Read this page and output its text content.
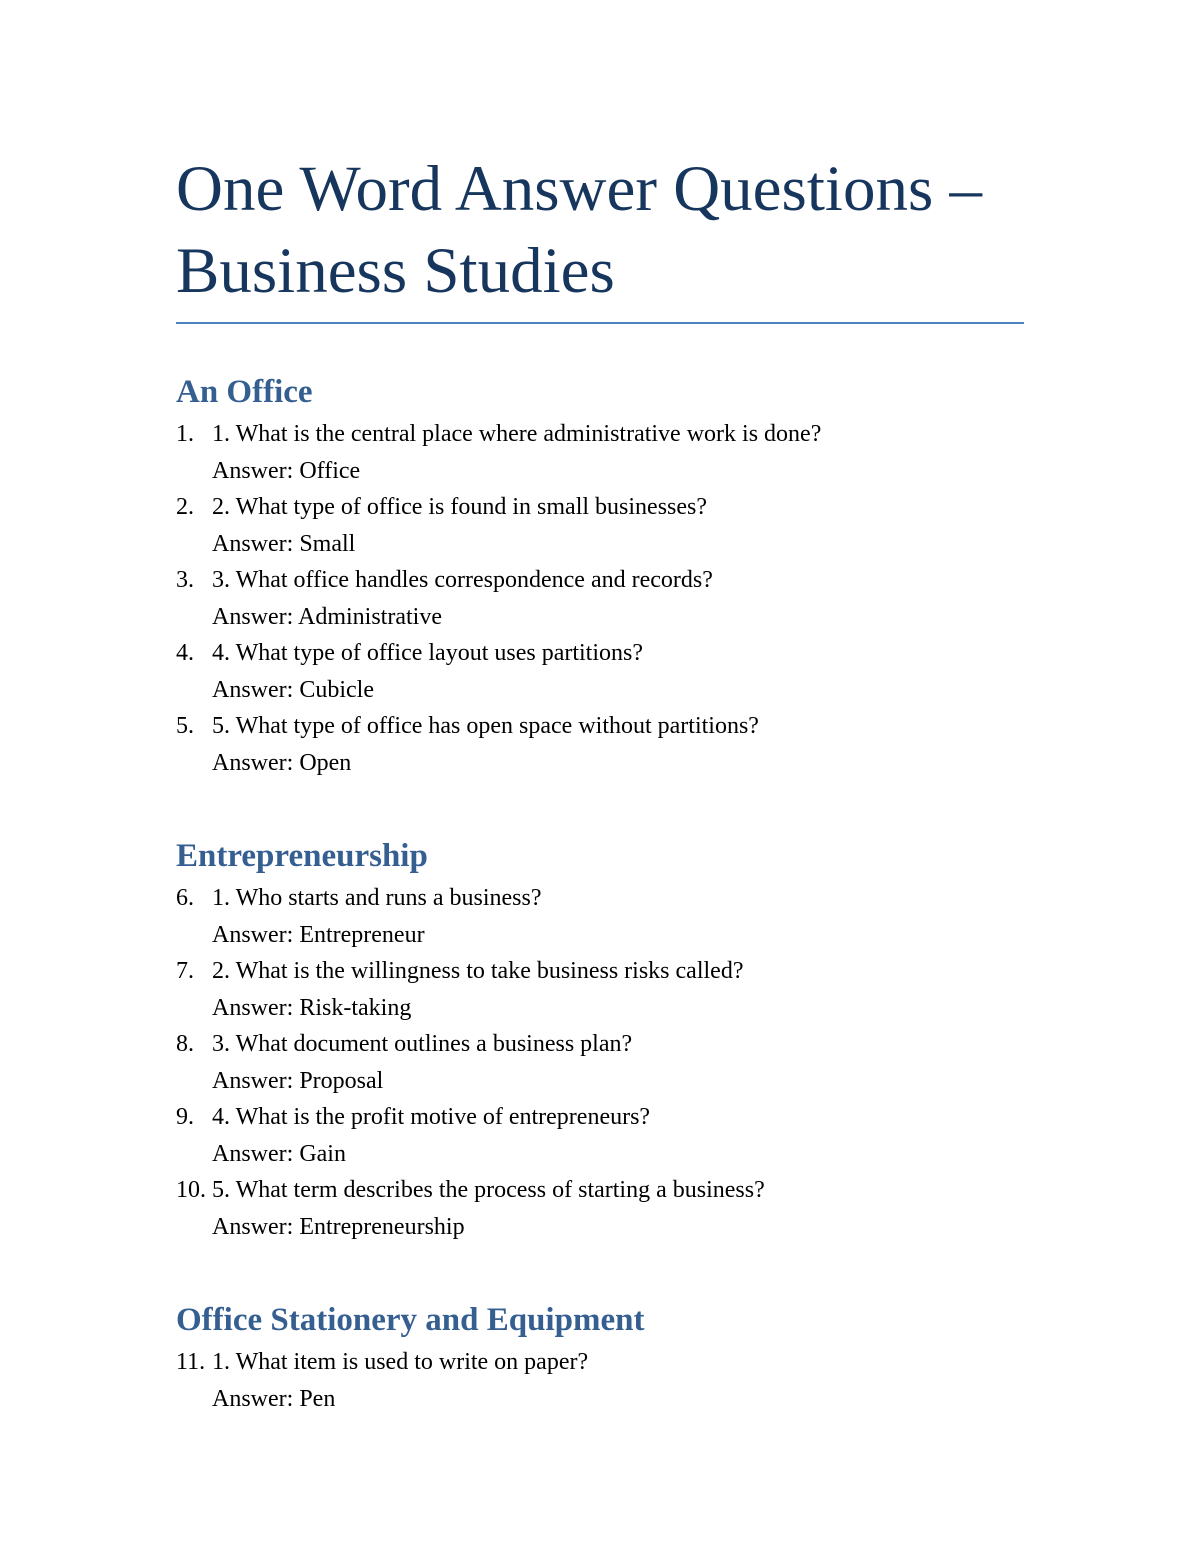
One Word Answer Questions – Business Studies
An Office
1. 1. What is the central place where administrative work is done?
Answer: Office
2. 2. What type of office is found in small businesses?
Answer: Small
3. 3. What office handles correspondence and records?
Answer: Administrative
4. 4. What type of office layout uses partitions?
Answer: Cubicle
5. 5. What type of office has open space without partitions?
Answer: Open
Entrepreneurship
6. 1. Who starts and runs a business?
Answer: Entrepreneur
7. 2. What is the willingness to take business risks called?
Answer: Risk-taking
8. 3. What document outlines a business plan?
Answer: Proposal
9. 4. What is the profit motive of entrepreneurs?
Answer: Gain
10. 5. What term describes the process of starting a business?
Answer: Entrepreneurship
Office Stationery and Equipment
11. 1. What item is used to write on paper?
Answer: Pen
